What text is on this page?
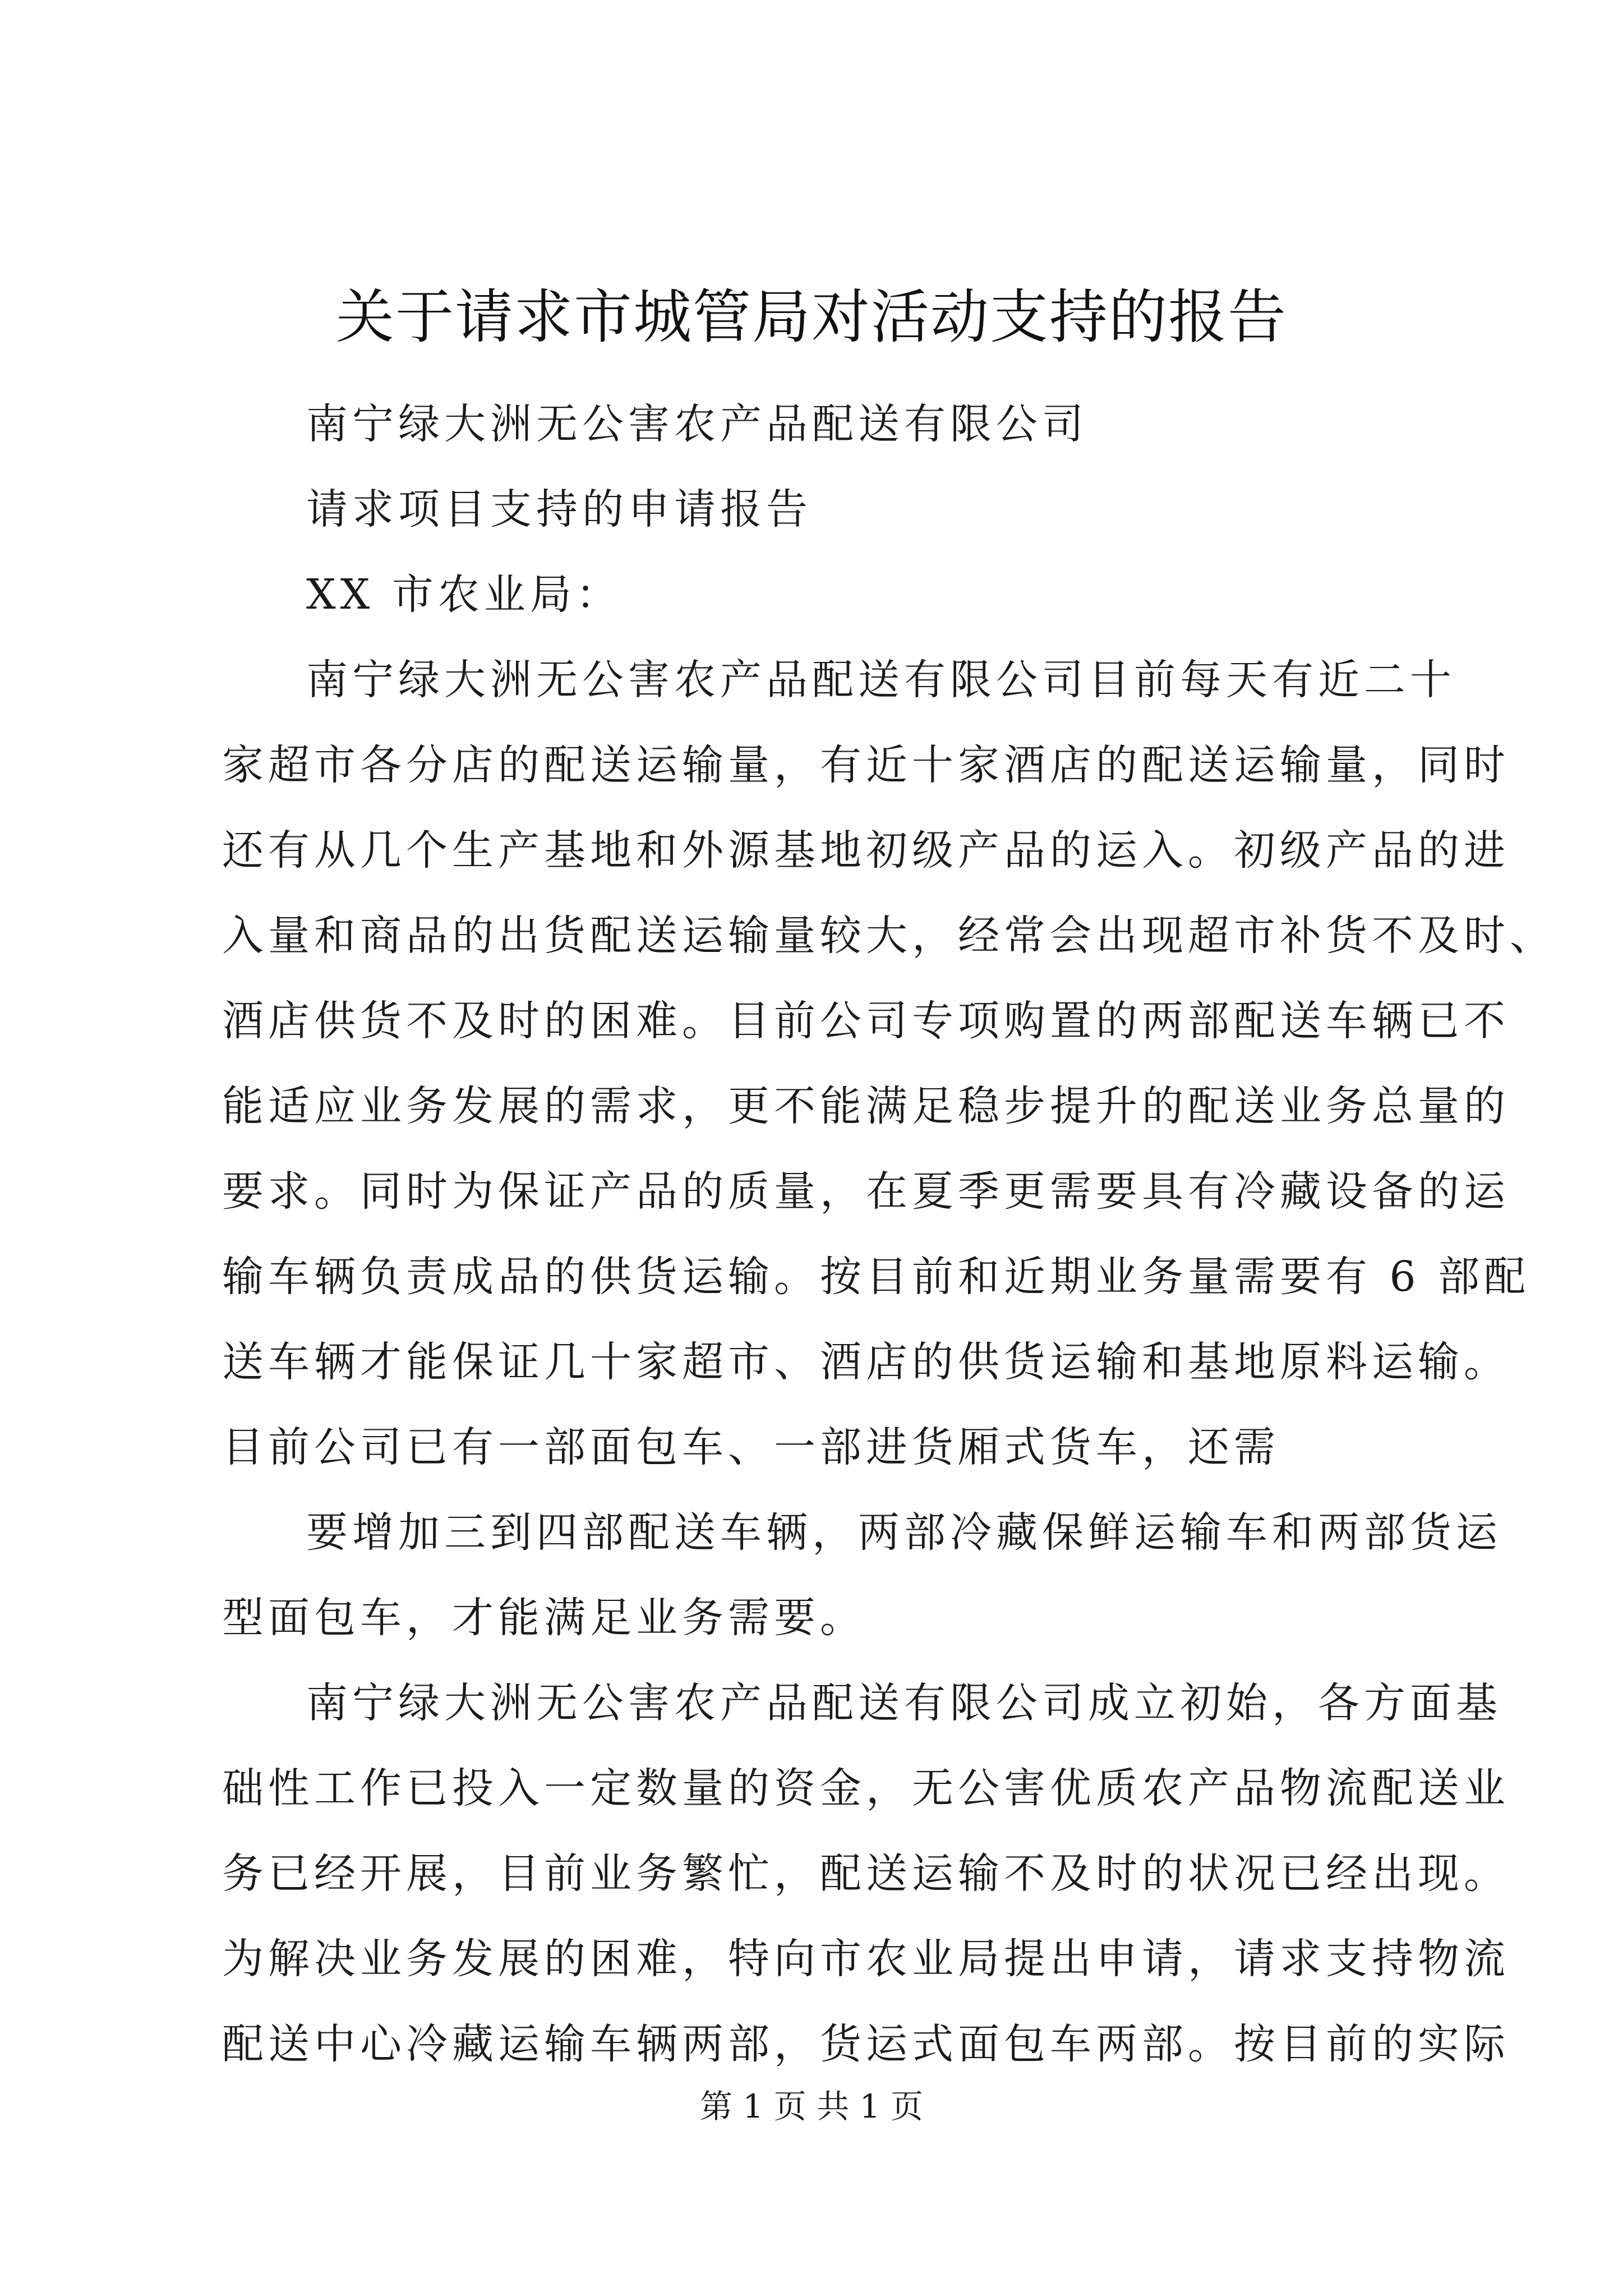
关于请求市城管局对活动支持的报告
南宁绿大洲无公害农产品配送有限公司
请求项目支持的申请报告
XX 市农业局：
南宁绿大洲无公害农产品配送有限公司目前每天有近二十
家超市各分店的配送运输量，有近十家酒店的配送运输量，同时
还有从几个生产基地和外源基地初级产品的运入。初级产品的进
入量和商品的出货配送运输量较大，经常会出现超市补货不及时、
酒店供货不及时的困难。目前公司专项购置的两部配送车辆已不
能适应业务发展的需求，更不能满足稳步提升的配送业务总量的
要求。同时为保证产品的质量，在夏季更需要具有冷藏设备的运
输车辆负责成品的供货运输。按目前和近期业务量需要有 6 部配
送车辆才能保证几十家超市、酒店的供货运输和基地原料运输。
目前公司已有一部面包车、一部进货厢式货车，还需
要增加三到四部配送车辆，两部冷藏保鲜运输车和两部货运
型面包车，才能满足业务需要。
南宁绿大洲无公害农产品配送有限公司成立初始，各方面基
础性工作已投入一定数量的资金，无公害优质农产品物流配送业
务已经开展，目前业务繁忙，配送运输不及时的状况已经出现。
为解决业务发展的困难，特向市农业局提出申请，请求支持物流
配送中心冷藏运输车辆两部，货运式面包车两部。按目前的实际
第 1 页 共 1 页
